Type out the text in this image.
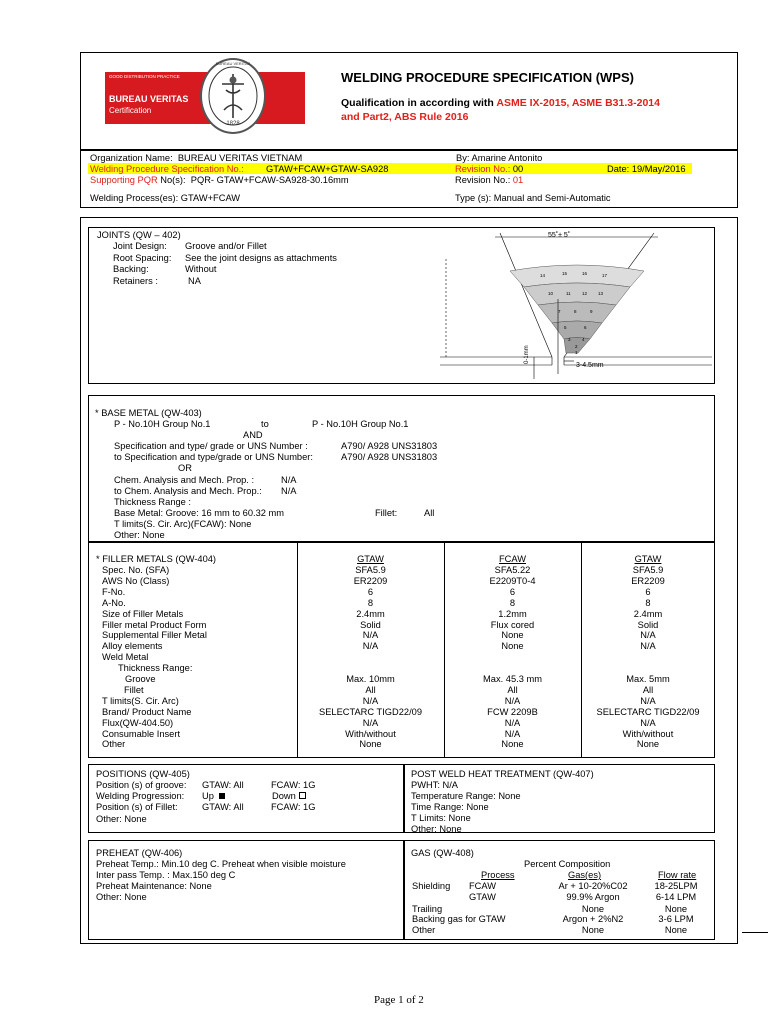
GOOD DISTRIBUTION PRACTICE
BUREAU VERITAS
Certification
BUREAU VERITAS
1828
WELDING PROCEDURE SPECIFICATION (WPS)
Qualification in according with ASME IX-2015, ASME B31.3-2014
and Part2, ABS Rule 2016
Organization Name: BUREAU VERITAS VIETNAM	By: Amarine Antonito
Welding Procedure Specification No.: GTAW+FCAW+GTAW-SA928	Revision No.: 00	Date: 19/May/2016
Supporting PQR No(s): PQR- GTAW+FCAW-SA928-30.16mm	Revision No.: 01
Welding Process(es): GTAW+FCAW	Type (s): Manual and Semi-Automatic
JOINTS (QW – 402)
Joint Design: Groove and/or Fillet
Root Spacing: See the joint designs as attachments
Backing:	Without
Retainers :	NA
55˚± 5˚
3-4.5mm
0-1mm
14	15	16	17
10	11	12 13
7	8	9
5	6
3	4
2
1
* BASE METAL (QW-403)
P - No.10H Group No.1	to	P - No.10H Group No.1
AND
Specification and type/ grade or UNS Number :	A790/ A928 UNS31803
to Specification and type/grade or UNS Number:	A790/ A928 UNS31803
OR
Chem. Analysis and Mech. Prop. :	N/A
to Chem. Analysis and Mech. Prop.: N/A
Thickness Range :
Base Metal: Groove: 16 mm to 60.32 mm	Fillet:	All
T limits(S. Cir. Arc)(FCAW): None
Other: None
* FILLER METALS (QW-404)	GTAW	FCAW	GTAW
Spec. No. (SFA)	SFA5.9	SFA5.22	SFA5.9
AWS No (Class)	ER2209	E2209T0-4	ER2209
F-No.	6	6	6
A-No.	8	8	8
Size of Filler Metals	2.4mm	1.2mm	2.4mm
Filler metal Product Form	Solid	Flux cored	Solid
Supplemental Filler Metal	N/A	None	N/A
Alloy elements	N/A	None	N/A
Weld Metal
Thickness Range:
Groove	Max. 10mm	Max. 45.3 mm	Max. 5mm
Fillet	All	All	All
T limits(S. Cir. Arc)	N/A	N/A	N/A
Brand/ Product Name	SELECTARC TIGD22/09	FCW 2209B	SELECTARC TIGD22/09
Flux(QW-404.50)	N/A	N/A	N/A
Consumable Insert	With/without	N/A	With/without
Other	None	None	None
POSITIONS (QW-405)
Position (s) of groove: GTAW: All	FCAW: 1G
Welding Progression: Up	Down
Position (s) of Fillet:	GTAW: All	FCAW: 1G
Other: None
POST WELD HEAT TREATMENT (QW-407)
PWHT: N/A
Temperature Range: None
Time Range: None
T Limits: None
Other: None
PREHEAT (QW-406)
Preheat Temp.: Min.10 deg C. Preheat when visible moisture
Inter pass Temp. : Max.150 deg C
Preheat Maintenance: None
Other: None
GAS (QW-408)
Percent Composition
Process	Gas(es)	Flow rate
Shielding FCAW	Ar + 10-20%C02	18-25LPM
GTAW	99.9% Argon	6-14 LPM
Trailing	None	None
Backing gas for GTAW	Argon + 2%N2	3-6 LPM
Other	None	None
Page 1 of 2
